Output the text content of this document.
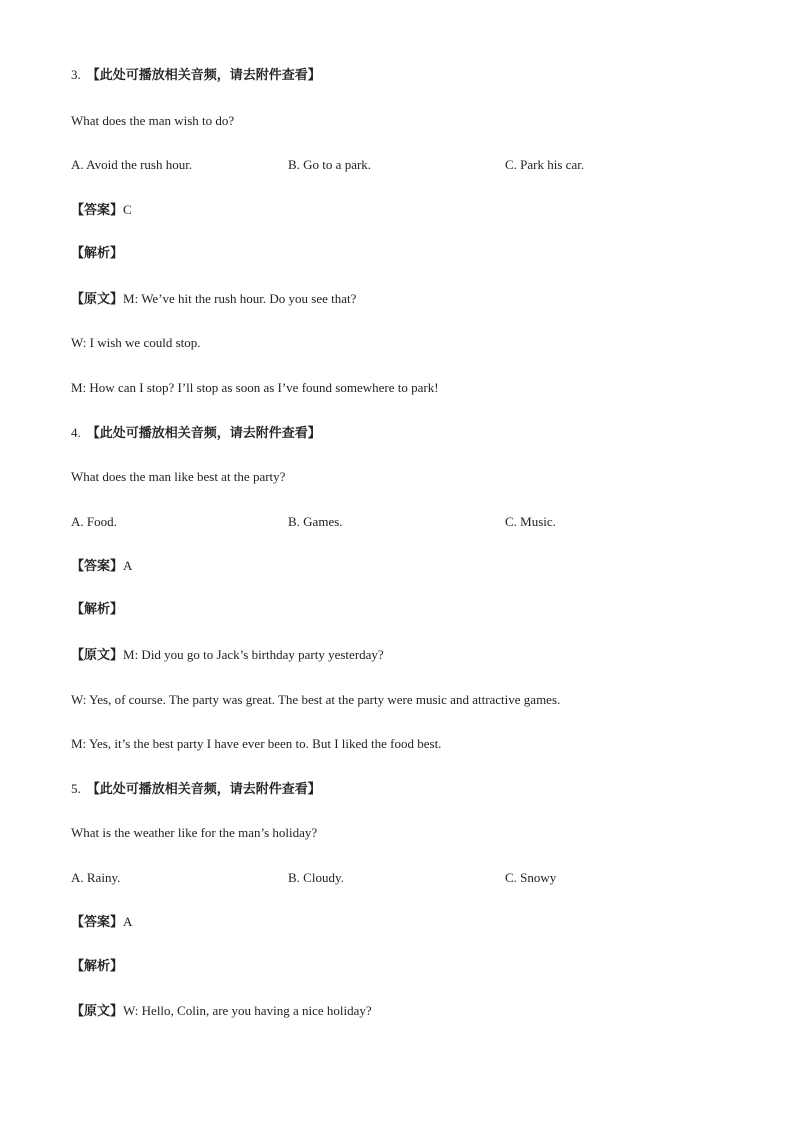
3. 【此处可播放相关音频，请去附件查看】
What does the man wish to do?
A. Avoid the rush hour.	B. Go to a park.	C. Park his car.
【答案】C
【解析】
【原文】M: We’ve hit the rush hour. Do you see that?
W: I wish we could stop.
M: How can I stop? I’ll stop as soon as I’ve found somewhere to park!
4. 【此处可播放相关音频，请去附件查看】
What does the man like best at the party?
A. Food.	B. Games.	C. Music.
【答案】A
【解析】
【原文】M: Did you go to Jack’s birthday party yesterday?
W: Yes, of course. The party was great. The best at the party were music and attractive games.
M: Yes, it’s the best party I have ever been to. But I liked the food best.
5. 【此处可播放相关音频，请去附件查看】
What is the weather like for the man’s holiday?
A. Rainy.	B. Cloudy.	C. Snowy
【答案】A
【解析】
【原文】W: Hello, Colin, are you having a nice holiday?
